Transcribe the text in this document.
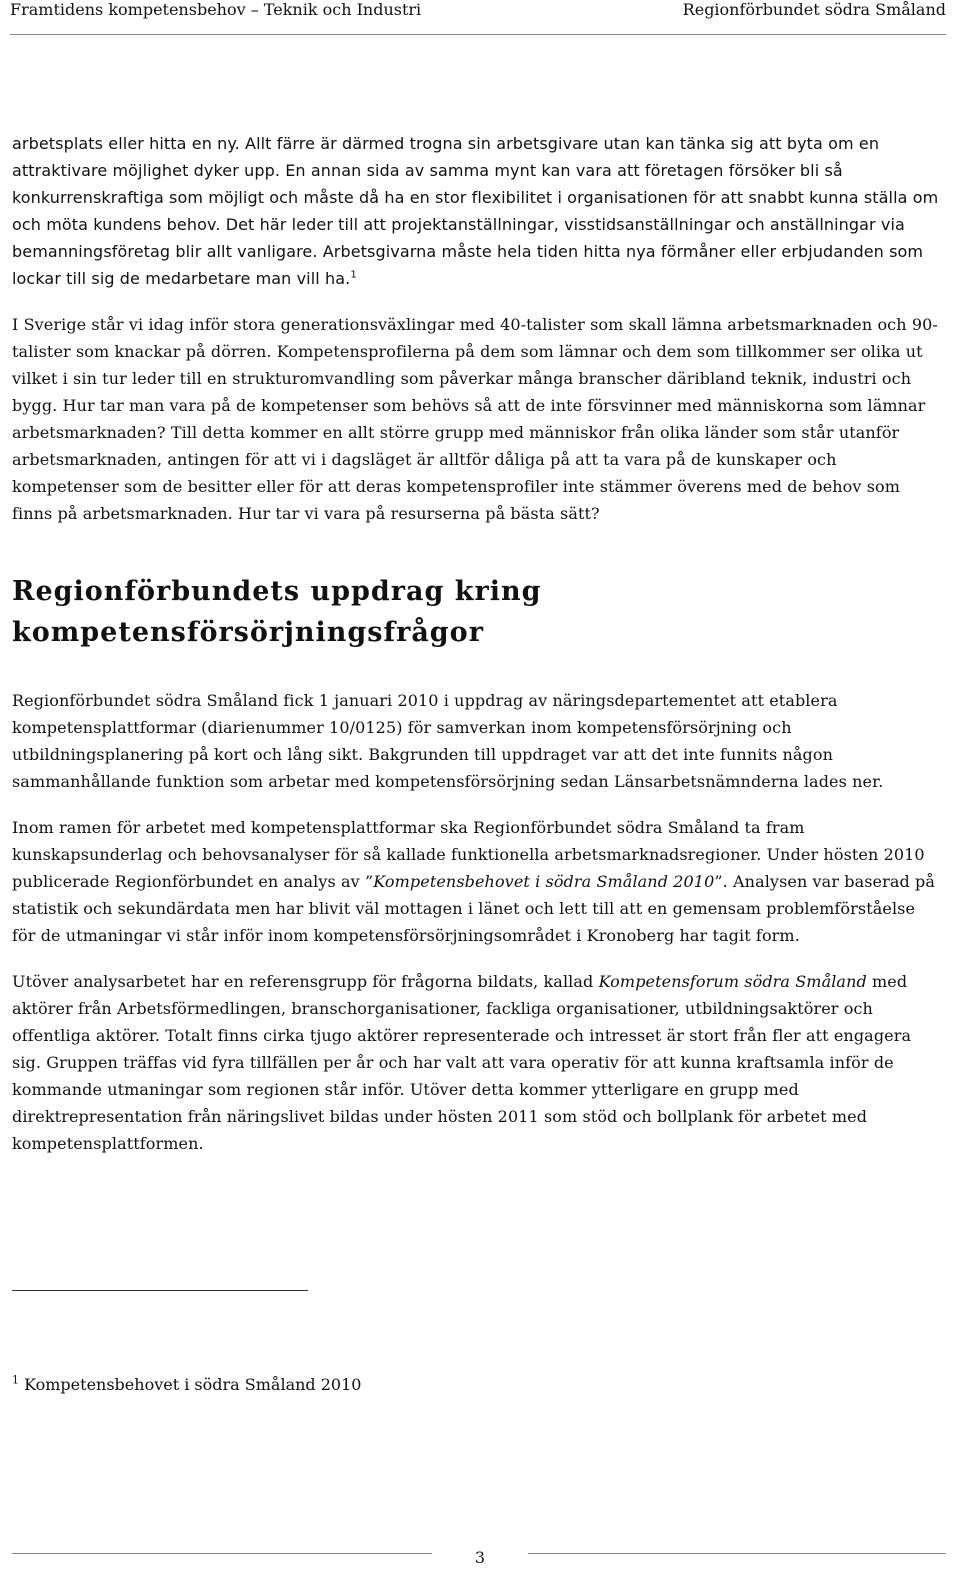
Framtidens kompetensbehov – Teknik och Industri	Regionförbundet södra Småland

arbetsplats eller hitta en ny. Allt färre är därmed trogna sin arbetsgivare utan kan tänka sig att byta om en attraktivare möjlighet dyker upp. En annan sida av samma mynt kan vara att företagen försöker bli så konkurrenskraftiga som möjligt och måste då ha en stor flexibilitet i organisationen för att snabbt kunna ställa om och möta kundens behov. Det här leder till att projektanställningar, visstidsanställningar och anställningar via bemanningsföretag blir allt vanligare. Arbetsgivarna måste hela tiden hitta nya förmåner eller erbjudanden som lockar till sig de medarbetare man vill ha.$^1$

I Sverige står vi idag inför stora generationsväxlingar med 40-talister som skall lämna arbetsmarknaden och 90-talister som knackar på dörren. Kompetensprofilerna på dem som lämnar och dem som tillkommer ser olika ut vilket i sin tur leder till en strukturomvandling som påverkar många branscher däribland teknik, industri och bygg. Hur tar man vara på de kompetenser som behövs så att de inte försvinner med människorna som lämnar arbetsmarknaden? Till detta kommer en allt större grupp med människor från olika länder som står utanför arbetsmarknaden, antingen för att vi i dagsläget är alltför dåliga på att ta vara på de kunskaper och kompetenser som de besitter eller för att deras kompetensprofiler inte stämmer överens med de behov som finns på arbetsmarknaden. Hur tar vi vara på resurserna på bästa sätt?

Regionförbundets uppdrag kring kompetensförsörjningsfrågor

Regionförbundet södra Småland fick 1 januari 2010 i uppdrag av näringsdepartementet att etablera kompetensplattformar (diarienummer 10/0125) för samverkan inom kompetensförsörjning och utbildningsplanering på kort och lång sikt. Bakgrunden till uppdraget var att det inte funnits någon sammanhållande funktion som arbetar med kompetensförsörjning sedan Länsarbetsnämnderna lades ner.

Inom ramen för arbetet med kompetensplattformar ska Regionförbundet södra Småland ta fram kunskapsunderlag och behovsanalyser för så kallade funktionella arbetsmarknadsregioner. Under hösten 2010 publicerade Regionförbundet en analys av ”Kompetensbehovet i södra Småland 2010”. Analysen var baserad på statistik och sekundärdata men har blivit väl mottagen i länet och lett till att en gemensam problemförståelse för de utmaningar vi står inför inom kompetensförsörjningsområdet i Kronoberg har tagit form.

Utöver analysarbetet har en referensgrupp för frågorna bildats, kallad Kompetensforum södra Småland med aktörer från Arbetsförmedlingen, branschorganisationer, fackliga organisationer, utbildningsaktörer och offentliga aktörer. Totalt finns cirka tjugo aktörer representerade och intresset är stort från fler att engagera sig. Gruppen träffas vid fyra tillfällen per år och har valt att vara operativ för att kunna kraftsamla inför de kommande utmaningar som regionen står inför. Utöver detta kommer ytterligare en grupp med direktrepresentation från näringslivet bildas under hösten 2011 som stöd och bollplank för arbetet med kompetensplattformen.

$^1$ Kompetensbehovet i södra Småland 2010
3
